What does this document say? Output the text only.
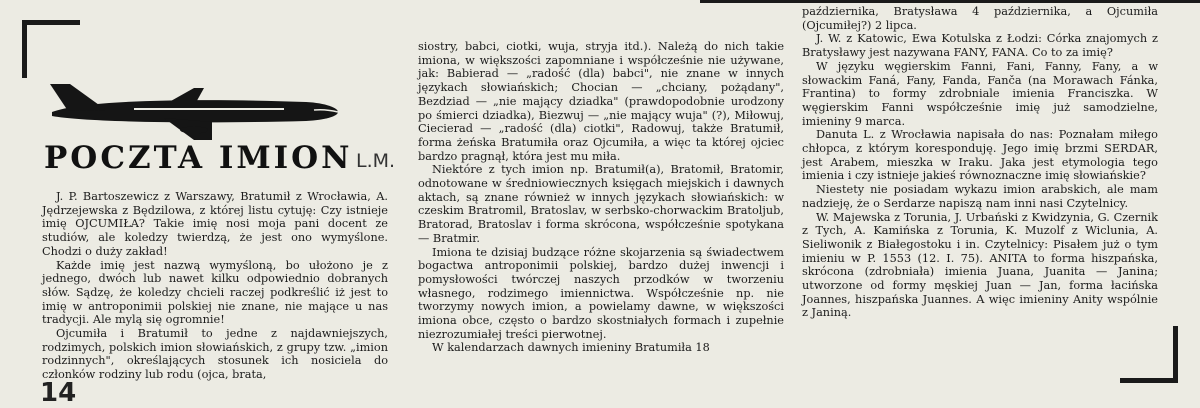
POCZTA IMION L.M.

J. P. Bartoszewicz z Warszawy, Bratumił z Wrocławia, A. Jędrzejewska z Będzilowa, z której listu cytuję: Czy istnieje imię OJCUMIŁA? Takie imię nosi moja pani docent ze studiów, ale koledzy twierdzą, że jest ono wymyślone. Chodzi o duży zakład!

Każde imię jest nazwą wymyśloną, bo ułożono je z jednego, dwóch lub nawet kilku odpowiednio dobranych słów. Sądzę, że koledzy chcieli raczej podkreślić iż jest to imię w antroponimii polskiej nie znane, nie mające u nas tradycji. Ale mylą się ogromnie!

Ojcumiła i Bratumił to jedne z najdawniejszych, rodzimych, polskich imion słowiańskich, z grupy tzw. „imion rodzinnych", określających stosunek ich nosiciela do członków rodziny lub rodu (ojca, brata,

siostry, babci, ciotki, wuja, stryja itd.). Należą do nich takie imiona, w większości zapomniane i współcześnie nie używane, jak: Babierad — „radość (dla) babci", nie znane w innych językach słowiańskich; Chocian — „chciany, pożądany", Bezdziad — „nie mający dziadka" (prawdopodobnie urodzony po śmierci dziadka), Biezwuj — „nie mający wuja" (?), Miłowuj, Ciecierad — „radość (dla) ciotki", Radowuj, także Bratumił, forma żeńska Bratumiła oraz Ojcumiła, a więc ta której ojciec bardzo pragnął, która jest mu miła.

Niektóre z tych imion np. Bratumił(a), Bratomił, Bratomir, odnotowane w średniowiecznych księgach miejskich i dawnych aktach, są znane również w innych językach słowiańskich: w czeskim Bratromil, Bratoslav, w serbsko-chorwackim Bratoljub, Bratorad, Bratoslav i forma skrócona, współcześnie spotykana — Bratmir.

Imiona te dzisiaj budzące różne skojarzenia są świadectwem bogactwa antroponimii polskiej, bardzo dużej inwencji i pomysłowości twórczej naszych przodków w tworzeniu własnego, rodzimego imiennictwa. Współcześnie np. nie tworzymy nowych imion, a powielamy dawne, w większości imiona obce, często o bardzo skostniałych formach i zupełnie niezrozumiałej treści pierwotnej.

W kalendarzach dawnych imieniny Bratumiła 18

października, Bratysława 4 października, a Ojcumiła (Ojcumiłej?) 2 lipca.

J. W. z Katowic, Ewa Kotulska z Łodzi: Córka znajomych z Bratysławy jest nazywana FANY, FANA. Co to za imię?

W języku węgierskim Fanni, Fani, Fanny, Fany, a w słowackim Faná, Fany, Fanda, Fanča (na Morawach Fánka, Frantina) to formy zdrobniale imienia Franciszka. W węgierskim Fanni współcześnie imię już samodzielne, imieniny 9 marca.

Danuta L. z Wrocławia napisała do nas: Poznałam miłego chłopca, z którym koresponduję. Jego imię brzmi SERDAR, jest Arabem, mieszka w Iraku. Jaka jest etymologia tego imienia i czy istnieje jakieś równoznaczne imię słowiańskie?

Niestety nie posiadam wykazu imion arabskich, ale mam nadzieję, że o Serdarze napiszą nam inni nasi Czytelnicy.

W. Majewska z Torunia, J. Urbański z Kwidzynia, G. Czernik z Tych, A. Kamińska z Torunia, K. Muzolf z Wiclunia, A. Sieliwonik z Białegostoku i in. Czytelnicy: Pisałem już o tym imieniu w P. 1553 (12. I. 75). ANITA to forma hiszpańska, skrócona (zdrobniała) imienia Juana, Juanita — Janina; utworzone od formy męskiej Juan — Jan, forma łacińska Joannes, hiszpańska Juannes. A więc imieniny Anity wspólnie z Janiną.

14
